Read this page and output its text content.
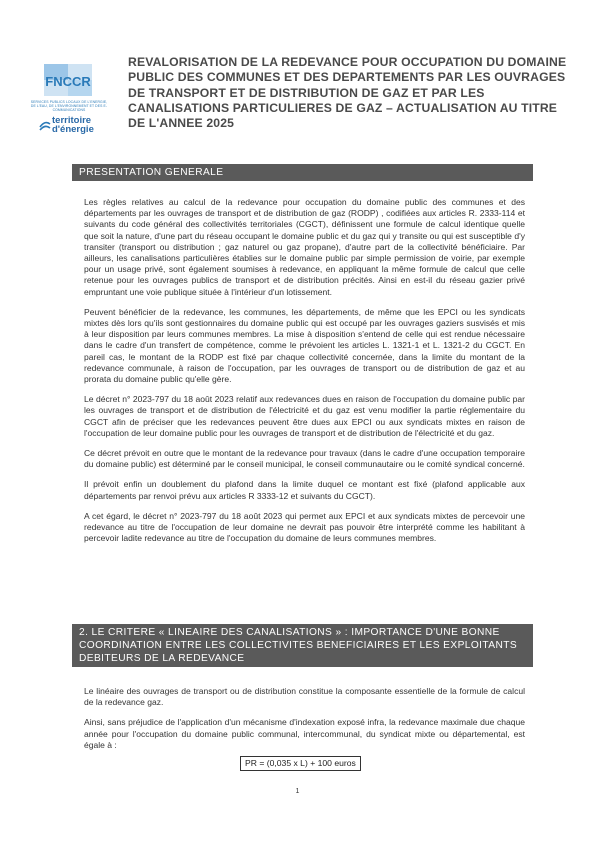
FNCCR
SERVICES PUBLICS LOCAUX DE L'ENERGIE, DE L'EAU, DE L'ENVIRONNEMENT ET DES E-COMMUNICATIONS
territoire
d'énergie
REVALORISATION DE LA REDEVANCE POUR OCCUPATION DU DOMAINE PUBLIC DES COMMUNES ET DES DEPARTEMENTS PAR LES OUVRAGES DE TRANSPORT ET DE DISTRIBUTION DE GAZ ET PAR LES CANALISATIONS PARTICULIERES DE GAZ – ACTUALISATION AU TITRE DE L'ANNEE 2025
PRESENTATION GENERALE

Les règles relatives au calcul de la redevance pour occupation du domaine public des communes et des départements par les ouvrages de transport et de distribution de gaz (RODP) , codifiées aux articles R. 2333-114 et suivants du code général des collectivités territoriales (CGCT), définissent une formule de calcul identique quelle que soit la nature, d'une part du réseau occupant le domaine public et du gaz qui y transite ou qui est susceptible d'y transiter (transport ou distribution ; gaz naturel ou gaz propane), d'autre part de la collectivité bénéficiaire. Par ailleurs, les canalisations particulières établies sur le domaine public par simple permission de voirie, par exemple pour un usage privé, sont également soumises à redevance, en appliquant la même formule de calcul que celle retenue pour les ouvrages publics de transport et de distribution précités. Ainsi en est-il du réseau gazier privé empruntant une voie publique située à l'intérieur d'un lotissement.

Peuvent bénéficier de la redevance, les communes, les départements, de même que les EPCI ou les syndicats mixtes dès lors qu'ils sont gestionnaires du domaine public qui est occupé par les ouvrages gaziers susvisés et mis à leur disposition par leurs communes membres. La mise à disposition s'entend de celle qui est rendue nécessaire dans le cadre d'un transfert de compétence, comme le prévoient les articles L. 1321-1 et L. 1321-2 du CGCT. En pareil cas, le montant de la RODP est fixé par chaque collectivité concernée, dans la limite du montant de la redevance communale, à raison de l'occupation, par les ouvrages de transport ou de distribution de gaz et au prorata du domaine public qu'elle gère.

Le décret n° 2023-797 du 18 août 2023 relatif aux redevances dues en raison de l'occupation du domaine public par les ouvrages de transport et de distribution de l'électricité et du gaz est venu modifier la partie réglementaire du CGCT afin de préciser que les redevances peuvent être dues aux EPCI ou aux syndicats mixtes en raison de l'occupation de leur domaine public pour les ouvrages de transport et de distribution de l'électricité et du gaz.

Ce décret prévoit en outre que le montant de la redevance pour travaux (dans le cadre d'une occupation temporaire du domaine public) est déterminé par le conseil municipal, le conseil communautaire ou le comité syndical concerné.

Il prévoit enfin un doublement du plafond dans la limite duquel ce montant est fixé (plafond applicable aux départements par renvoi prévu aux articles R 3333-12 et suivants du CGCT).

A cet égard, le décret n° 2023-797 du 18 août 2023 qui permet aux EPCI et aux syndicats mixtes de percevoir une redevance au titre de l'occupation de leur domaine ne devrait pas pouvoir être interprété comme les habilitant à percevoir ladite redevance au titre de l'occupation du domaine de leurs communes membres.

2. LE CRITERE « LINEAIRE DES CANALISATIONS » : IMPORTANCE D'UNE BONNE COORDINATION ENTRE LES COLLECTIVITES BENEFICIAIRES ET LES EXPLOITANTS DEBITEURS DE LA REDEVANCE

Le linéaire des ouvrages de transport ou de distribution constitue la composante essentielle de la formule de calcul de la redevance gaz.

Ainsi, sans préjudice de l'application d'un mécanisme d'indexation exposé infra, la redevance maximale due chaque année pour l'occupation du domaine public communal, intercommunal, du syndicat mixte ou départemental, est égale à :

PR = (0,035 x L) + 100 euros
1
